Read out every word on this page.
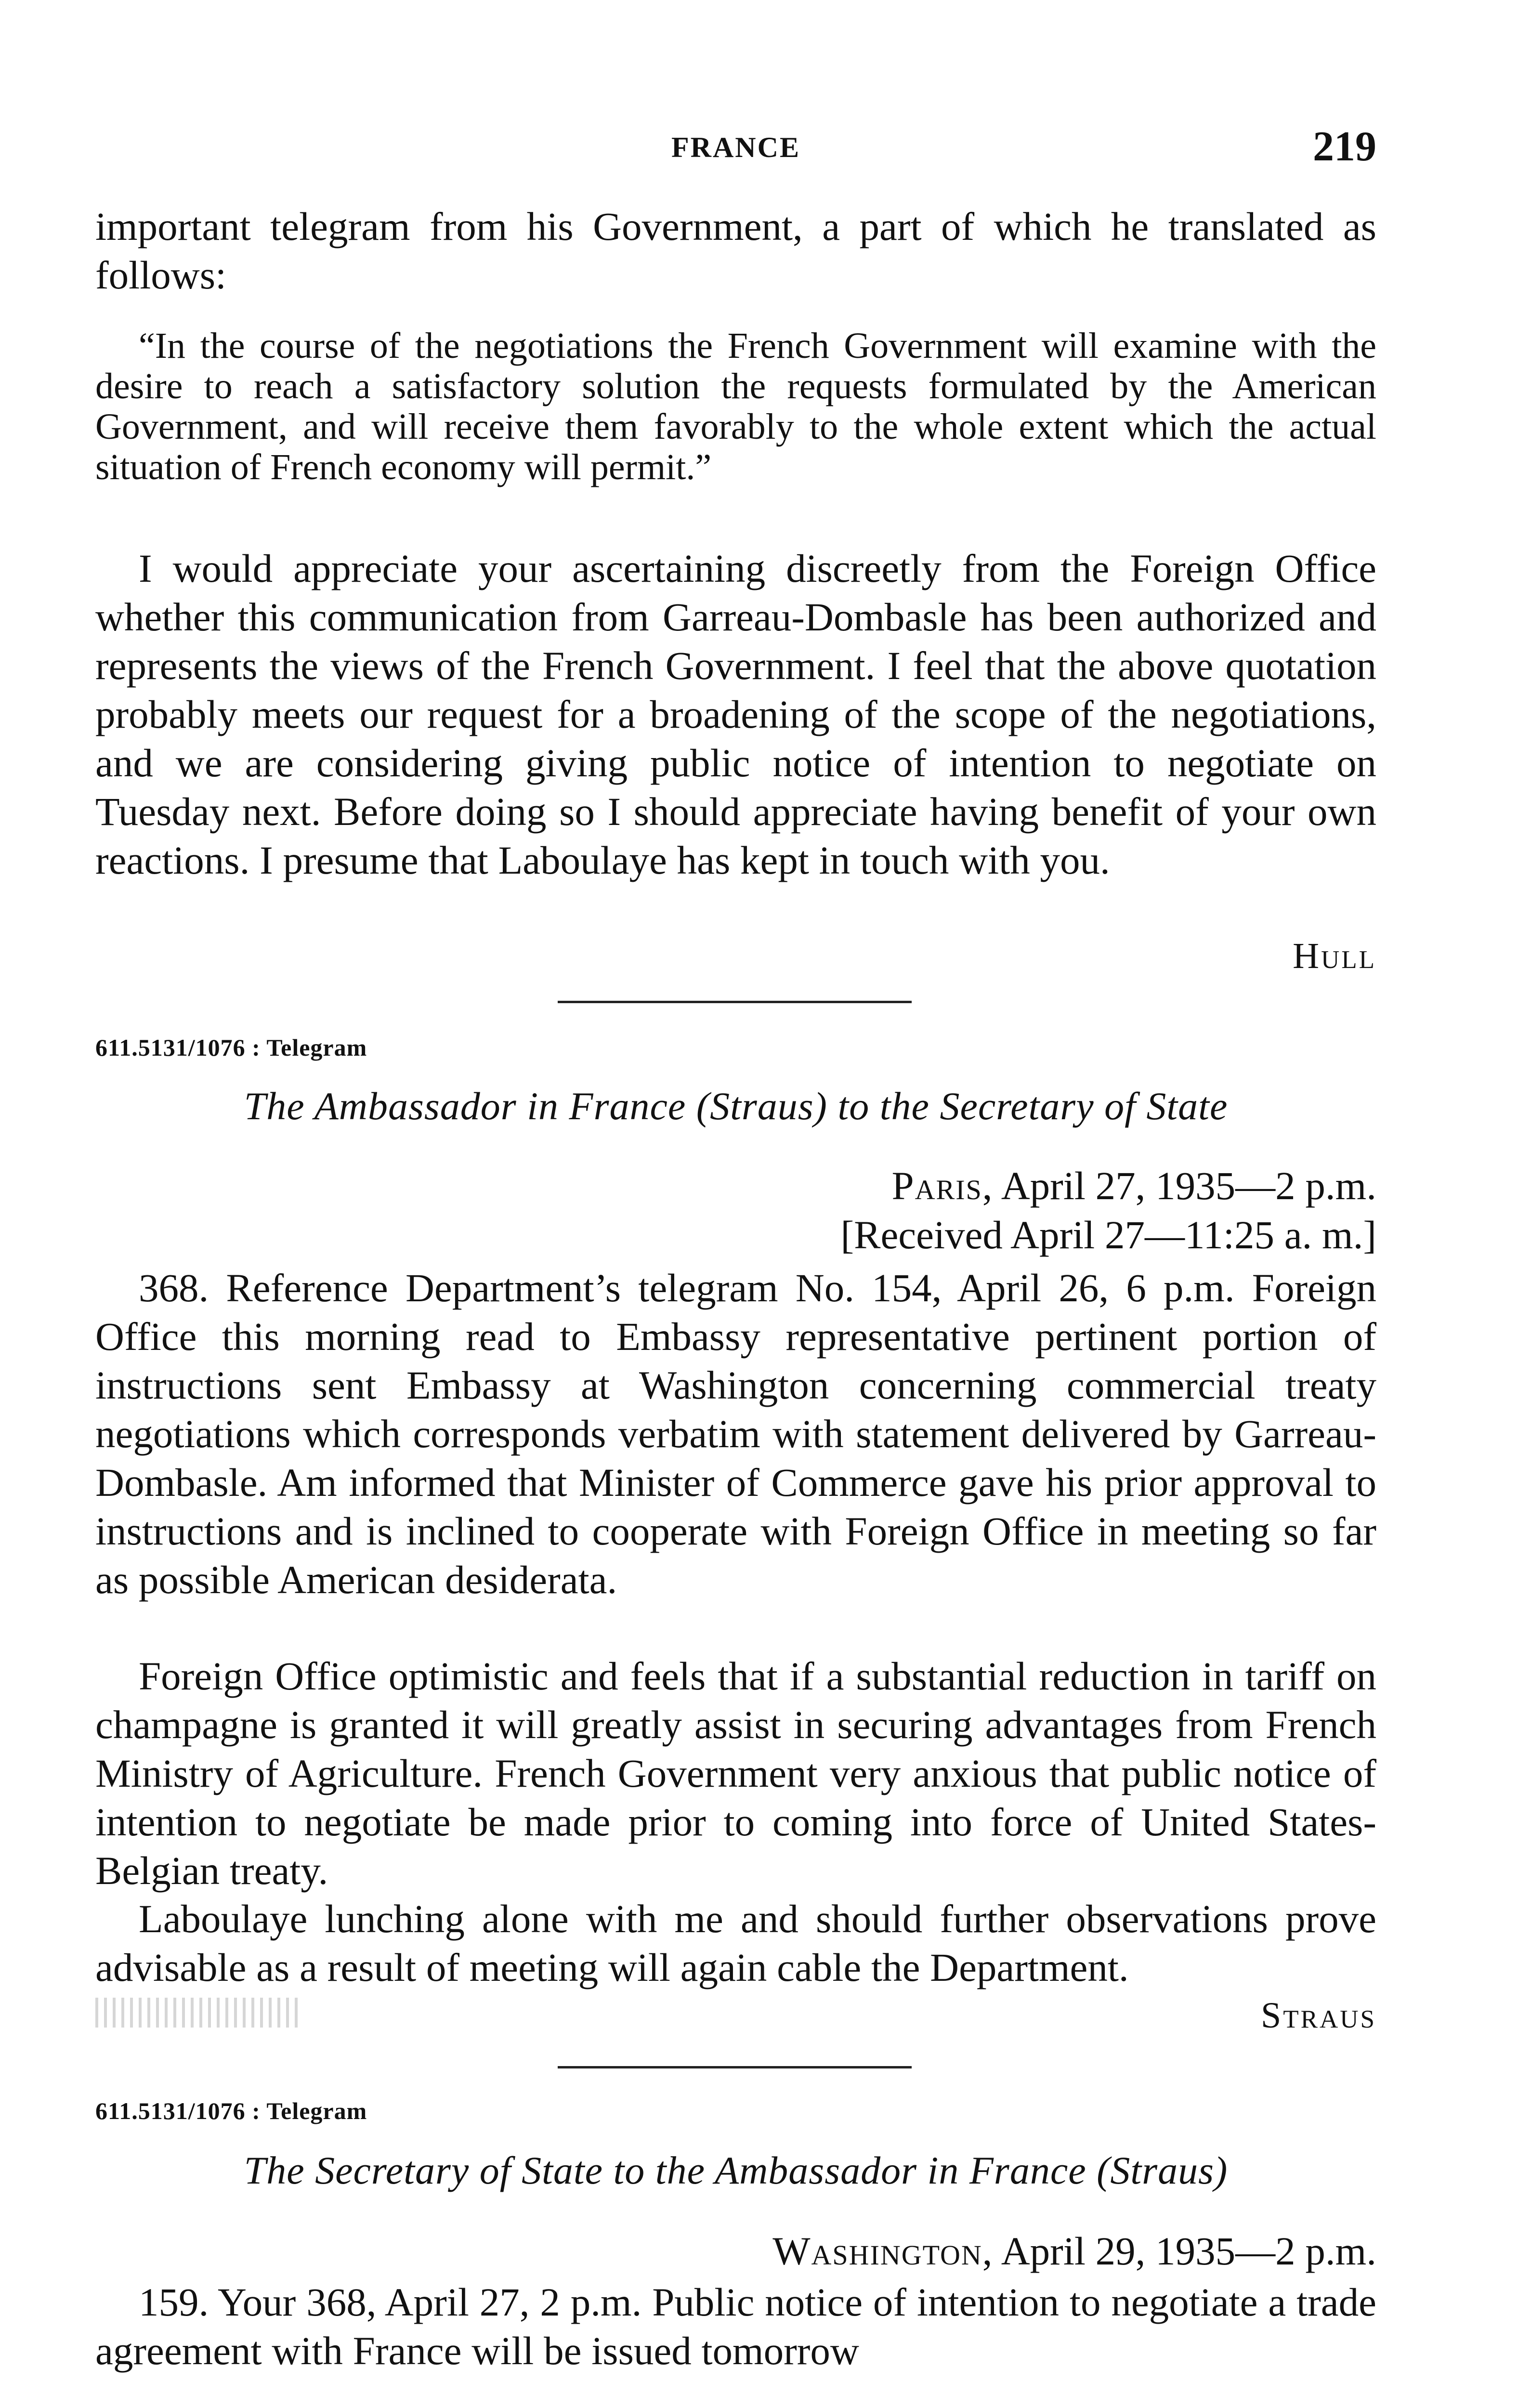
FRANCE	219

important telegram from his Government, a part of which he translated as follows:

“In the course of the negotiations the French Government will examine with the desire to reach a satisfactory solution the requests formulated by the American Government, and will receive them favorably to the whole extent which the actual situation of French economy will permit.”

I would appreciate your ascertaining discreetly from the Foreign Office whether this communication from Garreau-Dombasle has been authorized and represents the views of the French Government. I feel that the above quotation probably meets our request for a broadening of the scope of the negotiations, and we are considering giving public notice of intention to negotiate on Tuesday next. Before doing so I should appreciate having benefit of your own reactions. I presume that Laboulaye has kept in touch with you.

Hull
611.5131/1076 : Telegram
The Ambassador in France (Straus) to the Secretary of State
Paris, April 27, 1935—2 p.m.
[Received April 27—11:25 a. m.]

368. Reference Department’s telegram No. 154, April 26, 6 p.m. Foreign Office this morning read to Embassy representative pertinent portion of instructions sent Embassy at Washington concerning commercial treaty negotiations which corresponds verbatim with statement delivered by Garreau-Dombasle. Am informed that Minister of Commerce gave his prior approval to instructions and is inclined to cooperate with Foreign Office in meeting so far as possible American desiderata.

Foreign Office optimistic and feels that if a substantial reduction in tariff on champagne is granted it will greatly assist in securing advantages from French Ministry of Agriculture. French Government very anxious that public notice of intention to negotiate be made prior to coming into force of United States-Belgian treaty.

Laboulaye lunching alone with me and should further observations prove advisable as a result of meeting will again cable the Department.

Straus
611.5131/1076 : Telegram
The Secretary of State to the Ambassador in France (Straus)
Washington, April 29, 1935—2 p.m.

159. Your 368, April 27, 2 p.m. Public notice of intention to negotiate a trade agreement with France will be issued tomorrow
